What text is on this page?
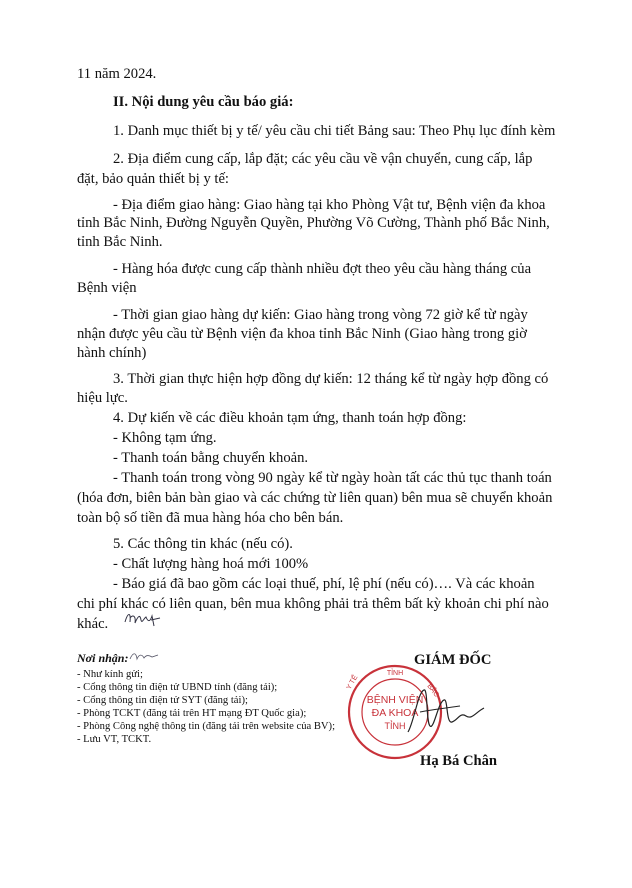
11 năm 2024.
II. Nội dung yêu cầu báo giá:
1. Danh mục thiết bị y tế/ yêu cầu chi tiết Bảng sau: Theo Phụ lục đính kèm
2. Địa điểm cung cấp, lắp đặt; các yêu cầu về vận chuyển, cung cấp, lắp
đặt, bảo quản thiết bị y tế:
- Địa điểm giao hàng: Giao hàng tại kho Phòng Vật tư, Bệnh viện đa khoa
tỉnh Bắc Ninh, Đường Nguyễn Quyền, Phường Võ Cường, Thành phố Bắc Ninh,
tỉnh Bắc Ninh.
- Hàng hóa được cung cấp thành nhiều đợt theo yêu cầu hàng tháng của
Bệnh viện
- Thời gian giao hàng dự kiến: Giao hàng trong vòng 72 giờ kể từ ngày
nhận được yêu cầu từ Bệnh viện đa khoa tỉnh Bắc Ninh (Giao hàng trong giờ
hành chính)
3. Thời gian thực hiện hợp đồng dự kiến: 12 tháng kể từ ngày hợp đồng có
hiệu lực.
4. Dự kiến về các điều khoản tạm ứng, thanh toán hợp đồng:
- Không tạm ứng.
- Thanh toán bằng chuyển khoản.
- Thanh toán trong vòng 90 ngày kể từ ngày hoàn tất các thủ tục thanh toán
(hóa đơn, biên bản bàn giao và các chứng từ liên quan) bên mua sẽ chuyển khoản
toàn bộ số tiền đã mua hàng hóa cho bên bán.
5. Các thông tin khác (nếu có).
- Chất lượng hàng hoá mới 100%
- Báo giá đã bao gồm các loại thuế, phí, lệ phí (nếu có)…. Và các khoản
chi phí khác có liên quan, bên mua không phải trả thêm bất kỳ khoản chi phí nào
khác.
Nơi nhận:
- Như kính gửi;
- Cổng thông tin điện tử UBND tỉnh (đăng tải);
- Cổng thông tin điện tử SYT (đăng tải);
- Phòng TCKT (đăng tải trên HT mạng ĐT Quốc gia);
- Phòng Công nghệ thông tin (đăng tải trên website của BV);
- Lưu VT, TCKT.
GIÁM ĐỐC
TỈNH
BẮC
Y TẾ
BỆNH VIỆN
ĐA KHOA
TỈNH
Hạ Bá Chân
